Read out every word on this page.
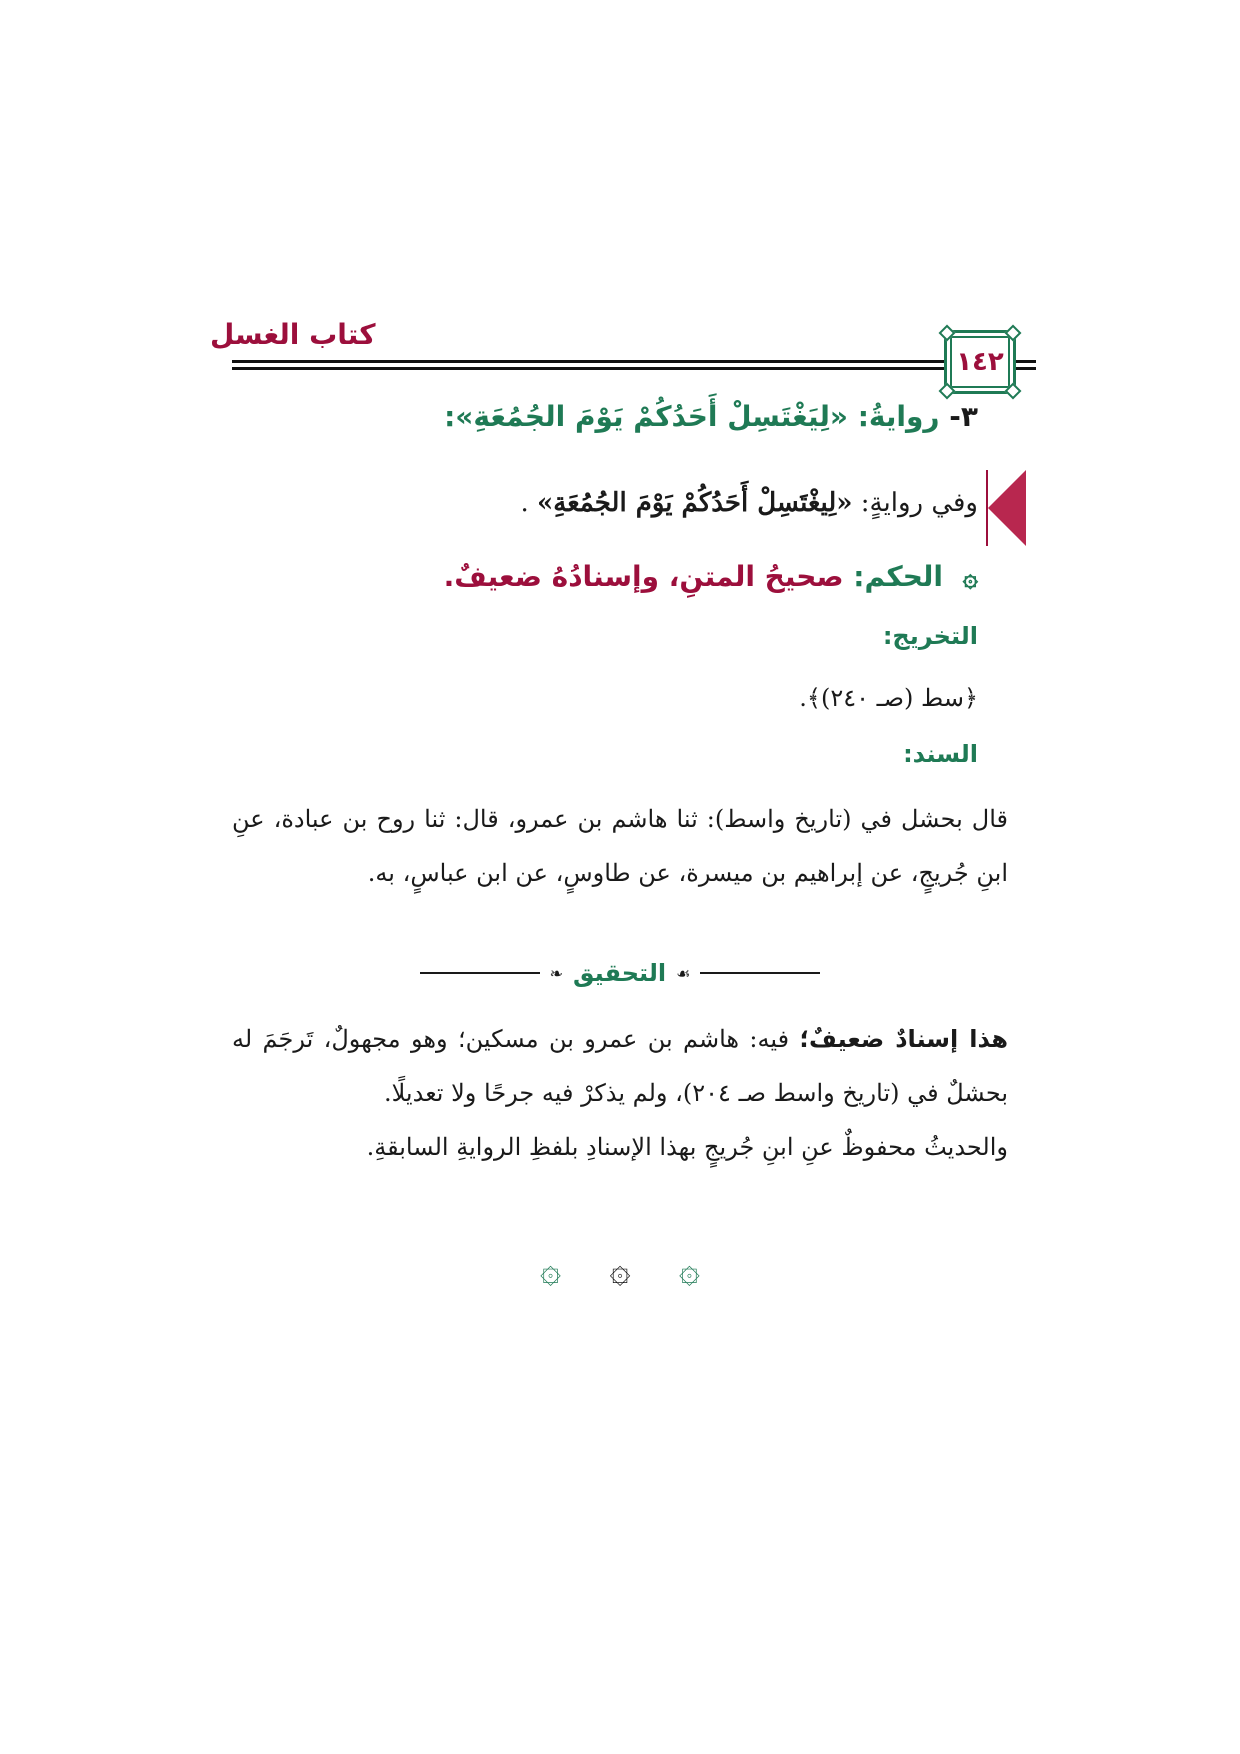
كتاب الغسل
١٤٢
٣- روايةُ: «لِيَغْتَسِلْ أَحَدُكُمْ يَوْمَ الجُمُعَةِ»:
وفي روايةٍ: «لِيغْتَسِلْ أَحَدُكُمْ يَوْمَ الجُمُعَةِ» .
۞ الحكم: صحيحُ المتنِ، وإسنادُهُ ضعيفٌ.
التخريج:
﴿سط (صـ ٢٤٠)﴾.
السند:
قال بحشل في (تاريخ واسط): ثنا هاشم بن عمرو، قال: ثنا روح بن عبادة، عنِ ابنِ جُريجٍ، عن إبراهيم بن ميسرة، عن طاوسٍ، عن ابن عباسٍ، به.
❧ التحقيق ☙
هذا إسنادٌ ضعيفٌ؛ فيه: هاشم بن عمرو بن مسكين؛ وهو مجهولٌ، تَرجَمَ له بحشلٌ في (تاريخ واسط صـ ٢٠٤)، ولم يذكرْ فيه جرحًا ولا تعديلًا.
والحديثُ محفوظٌ عنِ ابنِ جُريجٍ بهذا الإسنادِ بلفظِ الروايةِ السابقةِ.
۞ ۞ ۞
